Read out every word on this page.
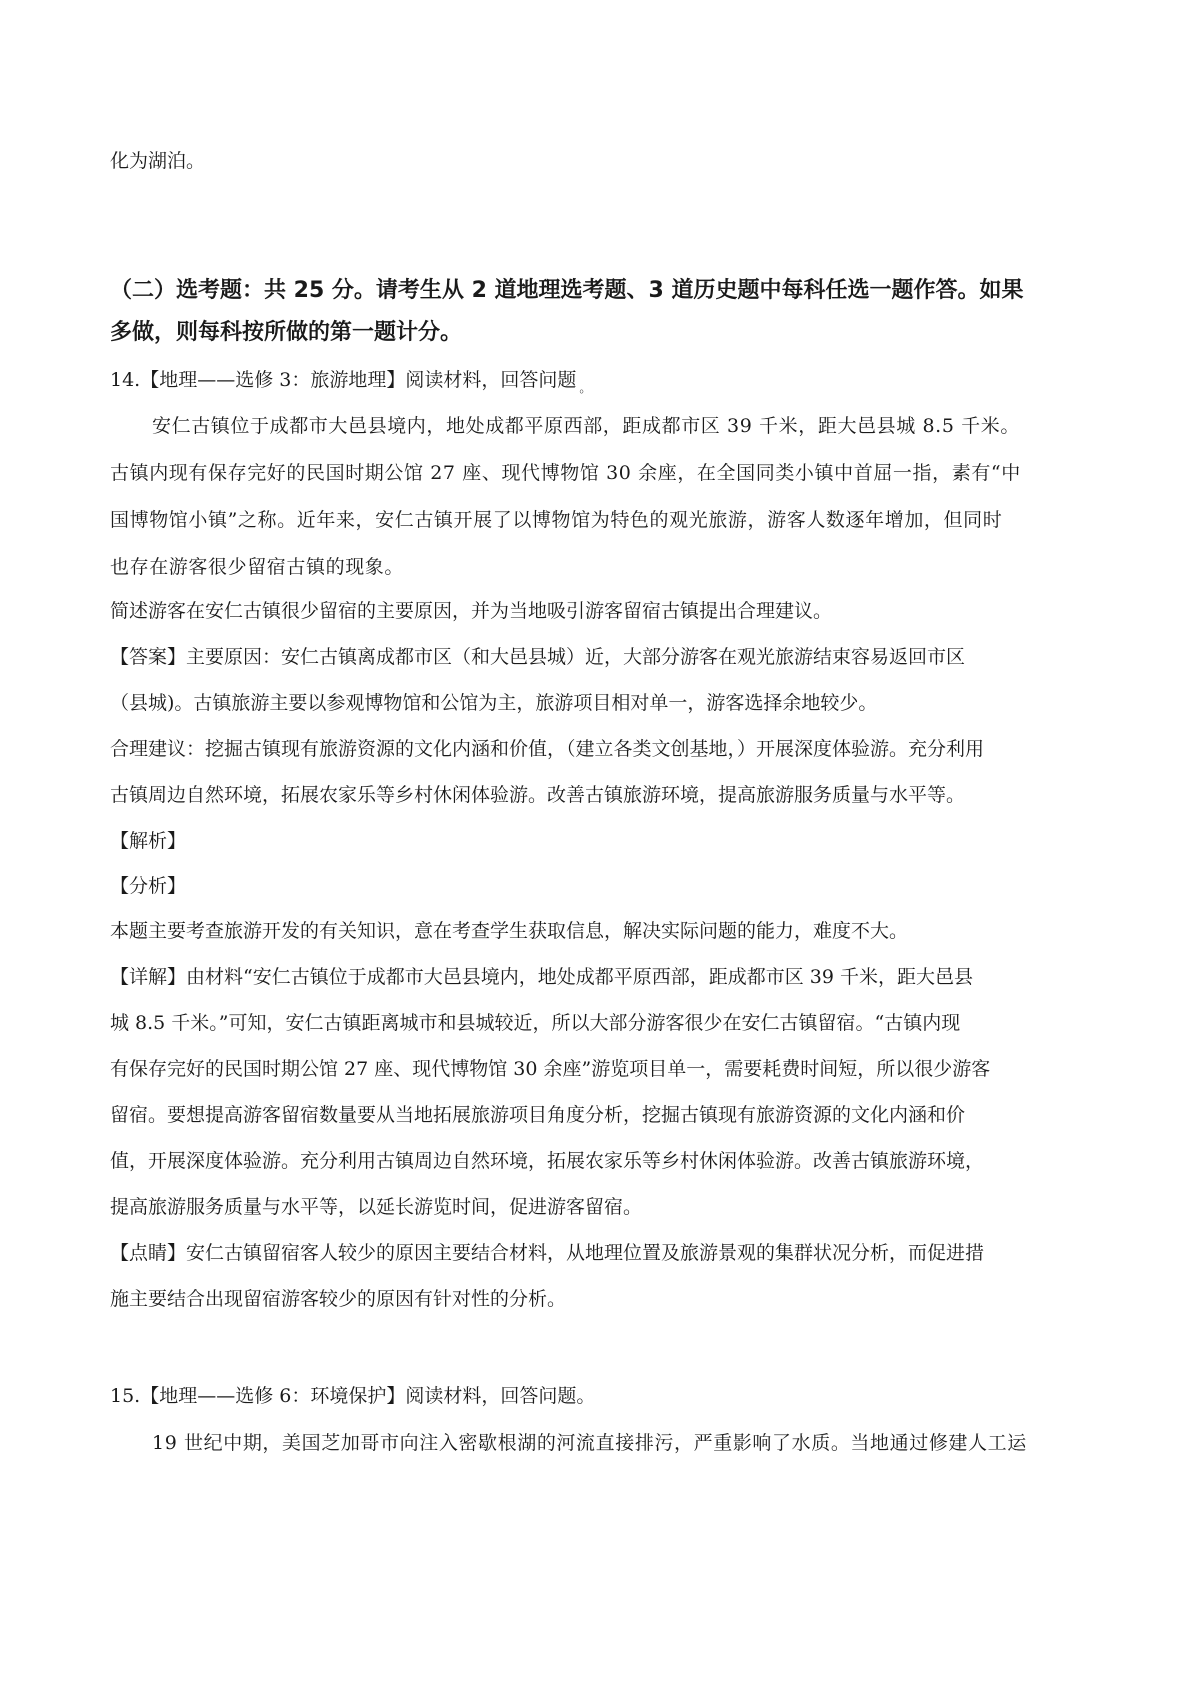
化为湖泊。
（二）选考题：共 25 分。请考生从 2 道地理选考题、3 道历史题中每科任选一题作答。如果
多做，则每科按所做的第一题计分。
14.【地理——选修 3：旅游地理】阅读材料，回答问题 $_。$
安仁古镇位于成都市大邑县境内，地处成都平原西部，距成都市区 39 千米，距大邑县城 8.5 千米。
古镇内现有保存完好的民国时期公馆 27 座、现代博物馆 30 余座，在全国同类小镇中首屈一指，素有“中
国博物馆小镇”之称。近年来，安仁古镇开展了以博物馆为特色的观光旅游，游客人数逐年增加，但同时
也存在游客很少留宿古镇的现象。
简述游客在安仁古镇很少留宿的主要原因，并为当地吸引游客留宿古镇提出合理建议。
【答案】主要原因：安仁古镇离成都市区（和大邑县城）近，大部分游客在观光旅游结束容易返回市区
（县城)。古镇旅游主要以参观博物馆和公馆为主，旅游项目相对单一，游客选择余地较少。
合理建议：挖掘古镇现有旅游资源的文化内涵和价值，（建立各类文创基地，）开展深度体验游。充分利用
古镇周边自然环境，拓展农家乐等乡村休闲体验游。改善古镇旅游环境，提高旅游服务质量与水平等。
【解析】
【分析】
本题主要考查旅游开发的有关知识，意在考查学生获取信息，解决实际问题的能力，难度不大。
【详解】由材料“安仁古镇位于成都市大邑县境内，地处成都平原西部，距成都市区 39 千米，距大邑县
城 8.5 千米。”可知，安仁古镇距离城市和县城较近，所以大部分游客很少在安仁古镇留宿。“古镇内现
有保存完好的民国时期公馆 27 座、现代博物馆 30 余座”游览项目单一，需要耗费时间短，所以很少游客
留宿。要想提高游客留宿数量要从当地拓展旅游项目角度分析，挖掘古镇现有旅游资源的文化内涵和价
值，开展深度体验游。充分利用古镇周边自然环境，拓展农家乐等乡村休闲体验游。改善古镇旅游环境，
提高旅游服务质量与水平等，以延长游览时间，促进游客留宿。
【点睛】安仁古镇留宿客人较少的原因主要结合材料，从地理位置及旅游景观的集群状况分析，而促进措
施主要结合出现留宿游客较少的原因有针对性的分析。
15.【地理——选修 6：环境保护】阅读材料，回答问题。
19 世纪中期，美国芝加哥市向注入密歇根湖的河流直接排污，严重影响了水质。当地通过修建人工运
